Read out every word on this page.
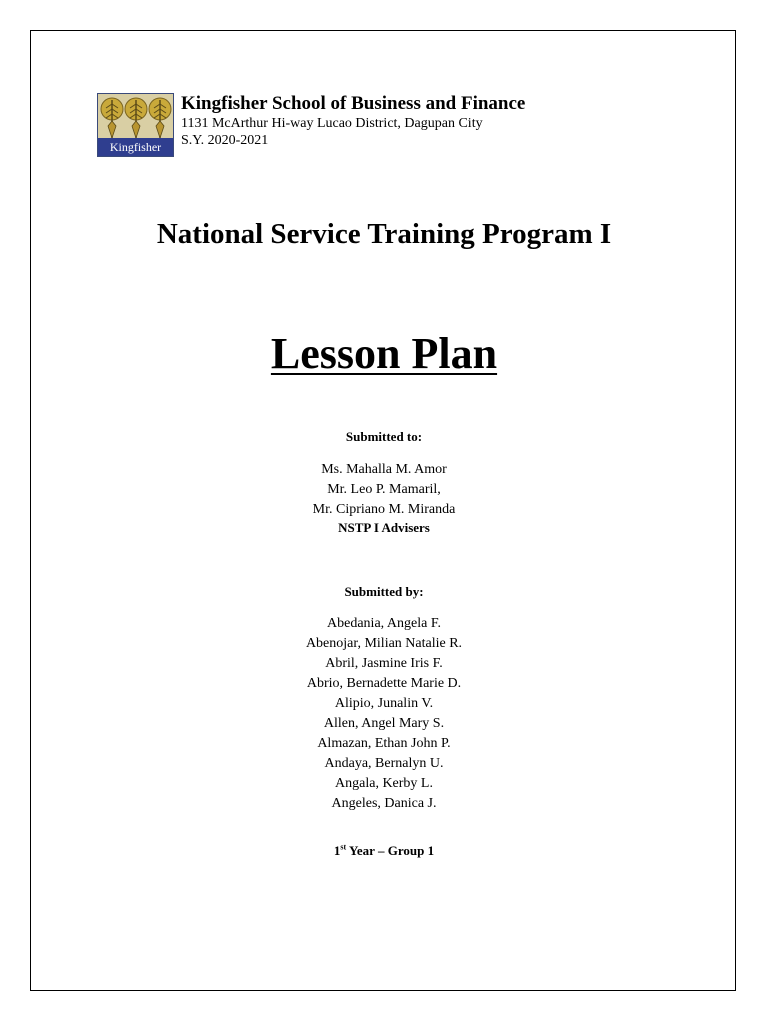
Kingfisher
Kingfisher School of Business and Finance
1131 McArthur Hi-way Lucao District, Dagupan City
S.Y. 2020-2021
National Service Training Program I
Lesson Plan
Submitted to:
Ms. Mahalla M. Amor
Mr. Leo P. Mamaril,
Mr. Cipriano M. Miranda
NSTP I Advisers
Submitted by:
Abedania, Angela F.
Abenojar, Milian Natalie R.
Abril, Jasmine Iris F.
Abrio, Bernadette Marie D.
Alipio, Junalin V.
Allen, Angel Mary S.
Almazan, Ethan John P.
Andaya, Bernalyn U.
Angala, Kerby L.
Angeles, Danica J.
1st Year – Group 1
